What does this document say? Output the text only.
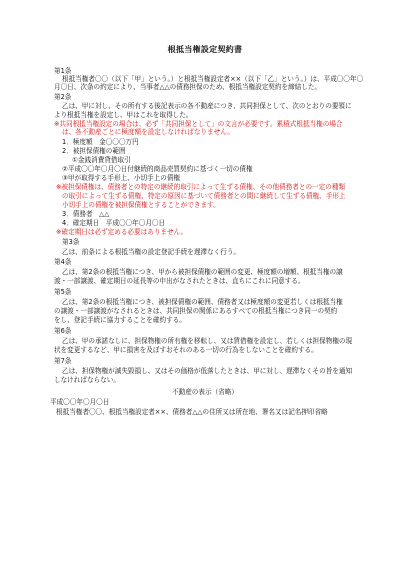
根抵当権設定契約書
第1条
根抵当権者〇〇（以下「甲」という。）と根抵当権設定者××（以下「乙」という。）は、平成〇〇年〇
月〇日、次条の約定により、当事者△△の債務担保のため、根抵当権設定契約を締結した。
第2条
乙は、甲に対し、その所有する後記表示の各不動産につき、共同担保として、次のとおりの要領に
より根抵当権を設定し、甲はこれを取得した。
※共同根抵当権設定の場合は、必ず「共同担保として」の文言が必要です。累積式根抵当権の場合
は、各不動産ごとに極度額を設定しなければなりません。
1．極度額　金〇〇〇万円
2．被担保債権の範囲
①金銭消費貸借取引
②平成〇〇年〇月〇日付継続的商品売買契約に基づく一切の債権
③甲が取得する手形上、小切手上の債権
※被担保債権は、債務者との特定の継続的取引によって生ずる債権、その他債務者との一定の種類
の取引によって生ずる債権、特定の原因に基づいて債務者との間に継続して生ずる債権、手形上
小切手上の債権を被担保債権とすることができます。
3．債務者　△△
4．確定期日　平成〇〇年〇月〇日
※確定期日は必ず定める必要はありません。
第3条
乙は、前条による根抵当権の設定登記手続を遅滞なく行う。
第4条
乙は、第2条の根抵当権につき、甲から被担保債権の範囲の変更、極度額の増額、根抵当権の譲
渡・一部譲渡、確定期日の延長等の申出がなされたときは、直ちにこれに同意する。
第5条
乙は、第2条の根抵当権につき、被担保債権の範囲、債務者又は極度額の変更若しくは根抵当権
の譲渡・一部譲渡がなされるときは、共同担保の関係にあるすべての根抵当権につき同一の契約
をし、登記手続に協力することを確約する。
第6条
乙は、甲の承諾なしに、担保物権の所有権を移転し、又は賃借権を設定し、若しくは担保物権の現
状を変更するなど、甲に損害を及ぼすおそれのある一切の行為をしないことを確約する。
第7条
乙は、担保物権が滅失毀損し、又はその価格が低落したときは、甲に対し、遅滞なくその旨を通知
しなければならない。
不動産の表示（省略）
平成〇〇年〇月〇日
根抵当権者〇〇、根抵当権設定者××、債務者△△の住所又は所在地、署名又は記名押印省略
